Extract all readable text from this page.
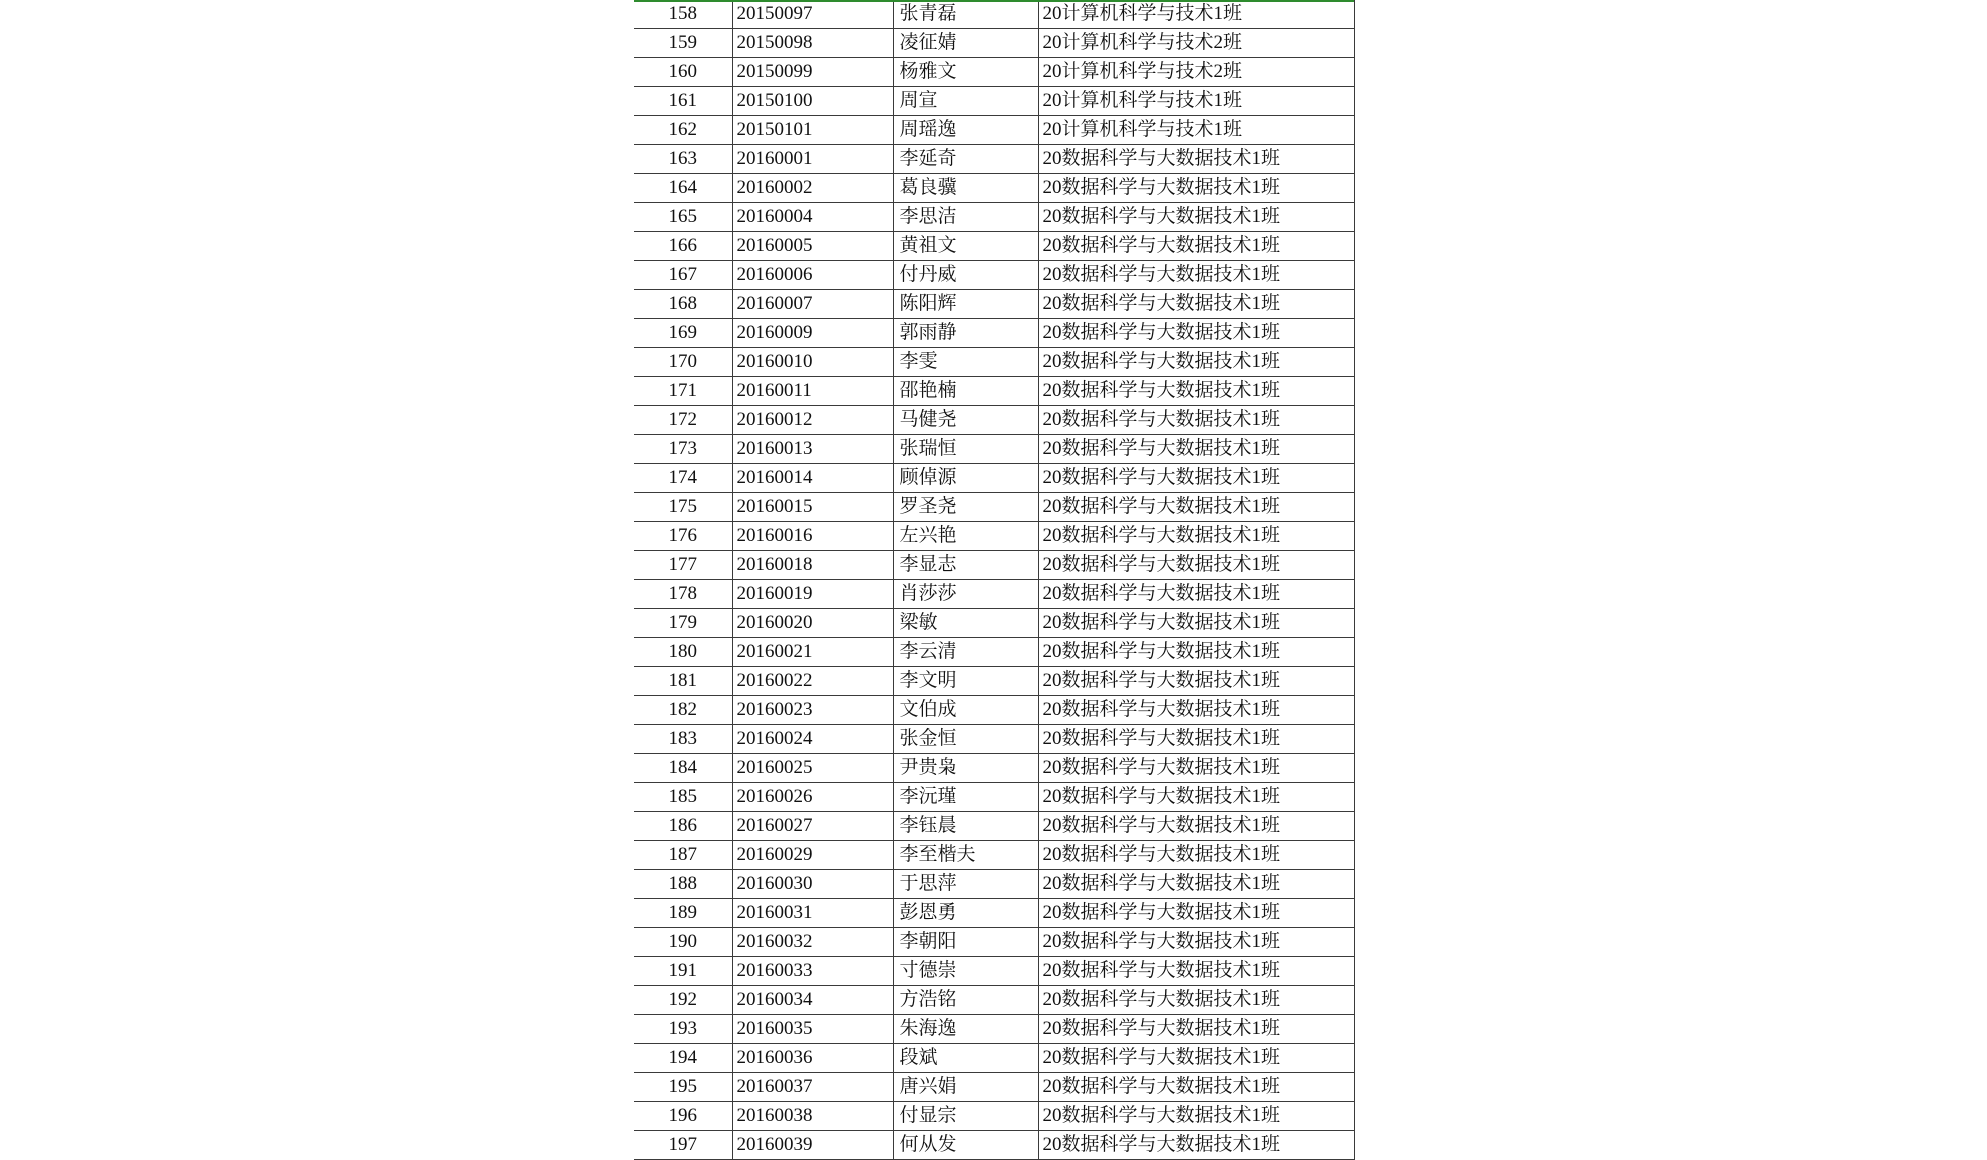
158	20150097	张青磊	20计算机科学与技术1班
159	20150098	凌征婧	20计算机科学与技术2班
160	20150099	杨雅文	20计算机科学与技术2班
161	20150100	周宣	20计算机科学与技术1班
162	20150101	周瑶逸	20计算机科学与技术1班
163	20160001	李延奇	20数据科学与大数据技术1班
164	20160002	葛良骥	20数据科学与大数据技术1班
165	20160004	李思洁	20数据科学与大数据技术1班
166	20160005	黄祖文	20数据科学与大数据技术1班
167	20160006	付丹威	20数据科学与大数据技术1班
168	20160007	陈阳辉	20数据科学与大数据技术1班
169	20160009	郭雨静	20数据科学与大数据技术1班
170	20160010	李雯	20数据科学与大数据技术1班
171	20160011	邵艳楠	20数据科学与大数据技术1班
172	20160012	马健尧	20数据科学与大数据技术1班
173	20160013	张瑞恒	20数据科学与大数据技术1班
174	20160014	顾倬源	20数据科学与大数据技术1班
175	20160015	罗圣尧	20数据科学与大数据技术1班
176	20160016	左兴艳	20数据科学与大数据技术1班
177	20160018	李显志	20数据科学与大数据技术1班
178	20160019	肖莎莎	20数据科学与大数据技术1班
179	20160020	梁敏	20数据科学与大数据技术1班
180	20160021	李云清	20数据科学与大数据技术1班
181	20160022	李文明	20数据科学与大数据技术1班
182	20160023	文伯成	20数据科学与大数据技术1班
183	20160024	张金恒	20数据科学与大数据技术1班
184	20160025	尹贵枭	20数据科学与大数据技术1班
185	20160026	李沅瑾	20数据科学与大数据技术1班
186	20160027	李钰晨	20数据科学与大数据技术1班
187	20160029	李至楷夫	20数据科学与大数据技术1班
188	20160030	于思萍	20数据科学与大数据技术1班
189	20160031	彭恩勇	20数据科学与大数据技术1班
190	20160032	李朝阳	20数据科学与大数据技术1班
191	20160033	寸德崇	20数据科学与大数据技术1班
192	20160034	方浩铭	20数据科学与大数据技术1班
193	20160035	朱海逸	20数据科学与大数据技术1班
194	20160036	段斌	20数据科学与大数据技术1班
195	20160037	唐兴娟	20数据科学与大数据技术1班
196	20160038	付显宗	20数据科学与大数据技术1班
197	20160039	何从发	20数据科学与大数据技术1班
